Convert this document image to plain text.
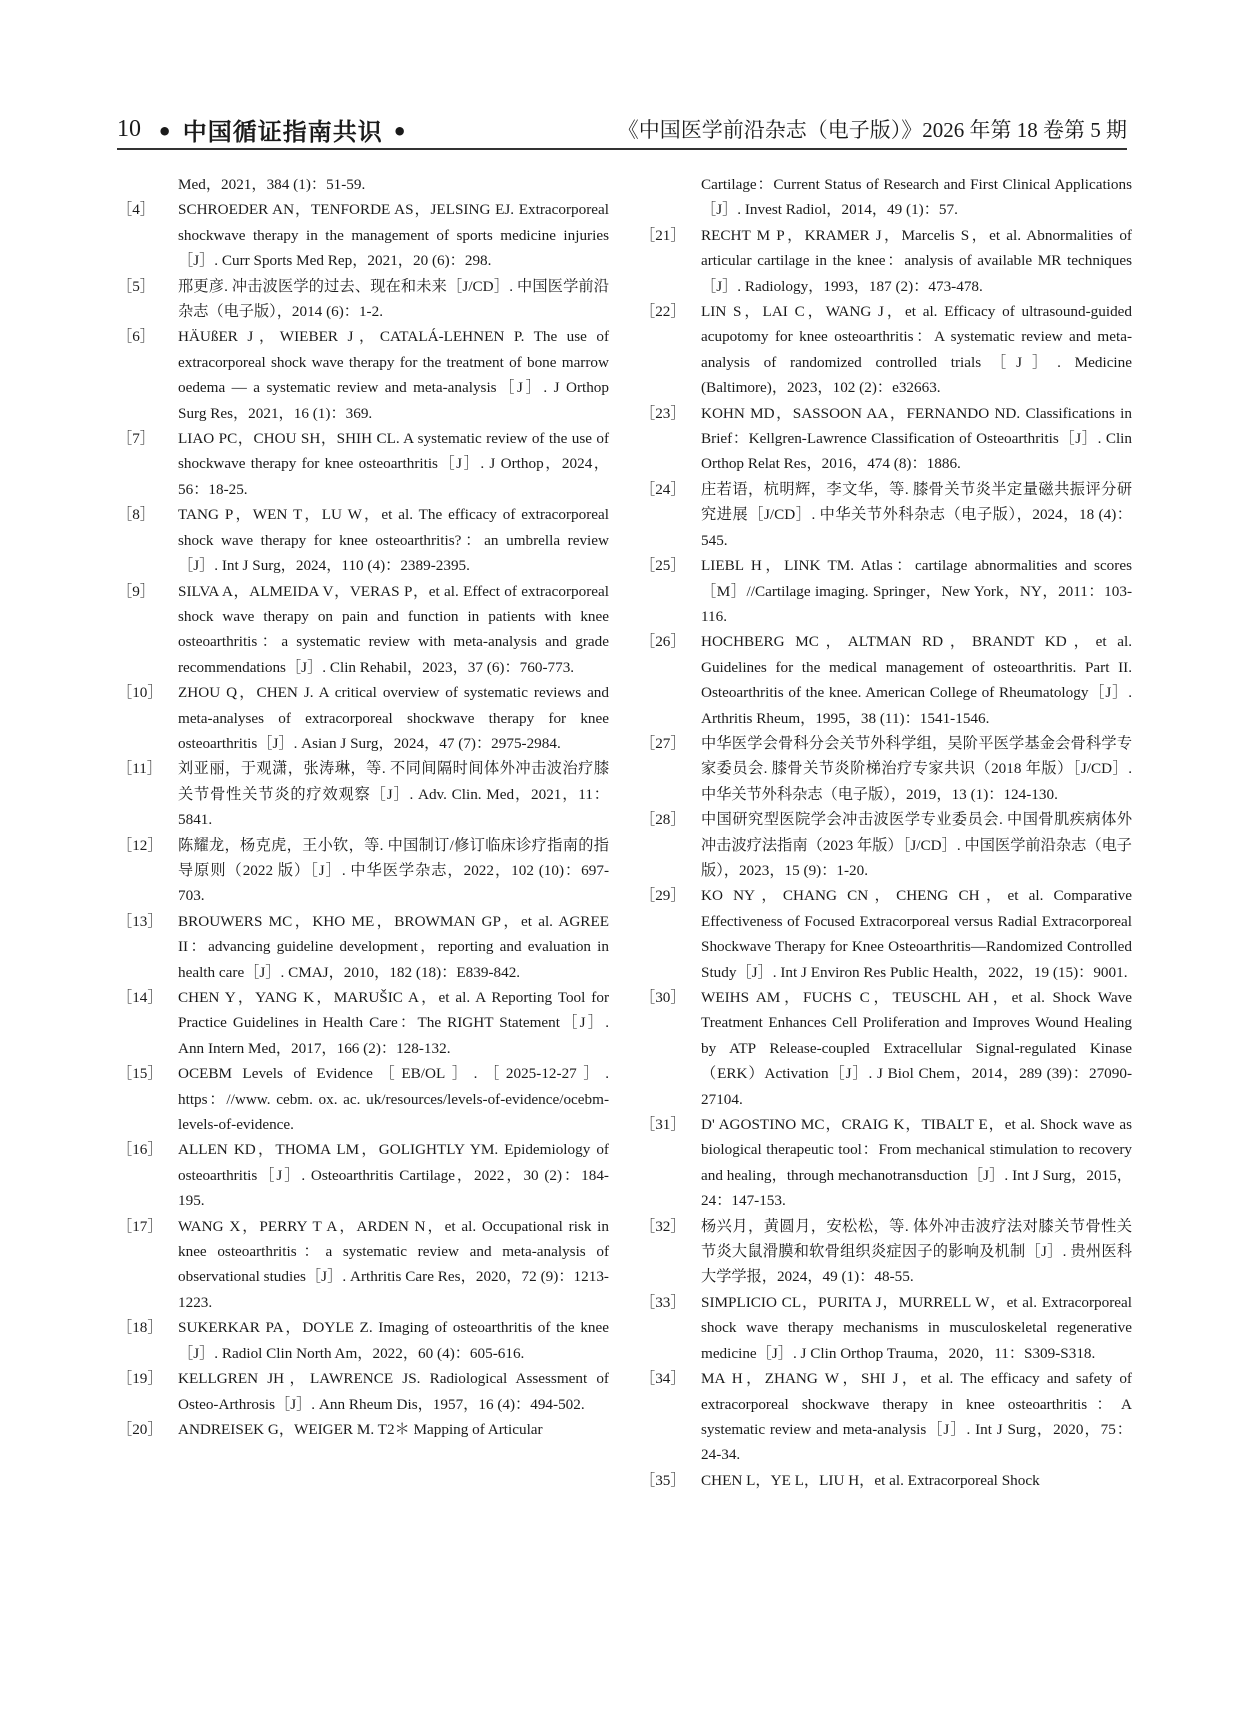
10 • 中国循证指南共识 •	《中国医学前沿杂志（电子版）》2026 年第 18 卷第 5 期
Med，2021，384 (1)：51-59.
［4］ SCHROEDER AN，TENFORDE AS，JELSING EJ. Extracorporeal shockwave therapy in the management of sports medicine injuries ［J］. Curr Sports Med Rep，2021，20 (6)：298.
［5］ 邢更彦. 冲击波医学的过去、现在和未来［J/CD］. 中国医学前沿杂志（电子版），2014 (6)：1-2.
［6］ HÄUßER J，WIEBER J，CATALÁ-LEHNEN P. The use of extracorporeal shock wave therapy for the treatment of bone marrow oedema — a systematic review and meta-analysis［J］. J Orthop Surg Res，2021，16 (1)：369.
［7］ LIAO PC，CHOU SH，SHIH CL. A systematic review of the use of shockwave therapy for knee osteoarthritis［J］. J Orthop，2024，56：18-25.
［8］ TANG P，WEN T，LU W，et al. The efficacy of extracorporeal shock wave therapy for knee osteoarthritis?：an umbrella review［J］. Int J Surg，2024，110 (4)：2389-2395.
［9］ SILVA A，ALMEIDA V，VERAS P，et al. Effect of extracorporeal shock wave therapy on pain and function in patients with knee osteoarthritis：a systematic review with meta-analysis and grade recommendations［J］. Clin Rehabil，2023，37 (6)：760-773.
［10］ ZHOU Q，CHEN J. A critical overview of systematic reviews and meta-analyses of extracorporeal shockwave therapy for knee osteoarthritis［J］. Asian J Surg，2024，47 (7)：2975-2984.
［11］ 刘亚丽，于观潇，张涛琳，等. 不同间隔时间体外冲击波治疗膝关节骨性关节炎的疗效观察［J］. Adv. Clin. Med，2021，11：5841.
［12］ 陈耀龙，杨克虎，王小钦，等. 中国制订/修订临床诊疗指南的指导原则（2022 版）［J］. 中华医学杂志，2022，102 (10)：697-703.
［13］ BROUWERS MC，KHO ME，BROWMAN GP，et al. AGREE II：advancing guideline development，reporting and evaluation in health care［J］. CMAJ，2010，182 (18)：E839-842.
［14］ CHEN Y，YANG K，MARUŠIC A，et al. A Reporting Tool for Practice Guidelines in Health Care：The RIGHT Statement［J］. Ann Intern Med，2017，166 (2)：128-132.
［15］ OCEBM Levels of Evidence［EB/OL］.［2025-12-27］. https：//www. cebm. ox. ac. uk/resources/levels-of-evidence/ocebm-levels-of-evidence.
［16］ ALLEN KD，THOMA LM，GOLIGHTLY YM. Epidemiology of osteoarthritis［J］. Osteoarthritis Cartilage，2022，30 (2)：184-195.
［17］ WANG X，PERRY T A，ARDEN N，et al. Occupational risk in knee osteoarthritis：a systematic review and meta-analysis of observational studies［J］. Arthritis Care Res，2020，72 (9)：1213-1223.
［18］ SUKERKAR PA，DOYLE Z. Imaging of osteoarthritis of the knee［J］. Radiol Clin North Am，2022，60 (4)：605-616.
［19］ KELLGREN JH，LAWRENCE JS. Radiological Assessment of Osteo-Arthrosis［J］. Ann Rheum Dis，1957，16 (4)：494-502.
［20］ ANDREISEK G，WEIGER M. T2＊ Mapping of Articular
Cartilage：Current Status of Research and First Clinical Applications［J］. Invest Radiol，2014，49 (1)：57.
［21］ RECHT M P，KRAMER J，Marcelis S，et al. Abnormalities of articular cartilage in the knee：analysis of available MR techniques［J］. Radiology，1993，187 (2)：473-478.
［22］ LIN S，LAI C，WANG J，et al. Efficacy of ultrasound-guided acupotomy for knee osteoarthritis：A systematic review and meta-analysis of randomized controlled trials［J］. Medicine (Baltimore)，2023，102 (2)：e32663.
［23］ KOHN MD，SASSOON AA，FERNANDO ND. Classifications in Brief：Kellgren-Lawrence Classification of Osteoarthritis［J］. Clin Orthop Relat Res，2016，474 (8)：1886.
［24］ 庄若语，杭明辉，李文华，等. 膝骨关节炎半定量磁共振评分研究进展［J/CD］. 中华关节外科杂志（电子版），2024，18 (4)：545.
［25］ LIEBL H，LINK TM. Atlas：cartilage abnormalities and scores［M］//Cartilage imaging. Springer，New York，NY，2011：103-116.
［26］ HOCHBERG MC，ALTMAN RD，BRANDT KD，et al. Guidelines for the medical management of osteoarthritis. Part II. Osteoarthritis of the knee. American College of Rheumatology［J］. Arthritis Rheum，1995，38 (11)：1541-1546.
［27］ 中华医学会骨科分会关节外科学组，吴阶平医学基金会骨科学专家委员会. 膝骨关节炎阶梯治疗专家共识（2018 年版）［J/CD］. 中华关节外科杂志（电子版），2019，13 (1)：124-130.
［28］ 中国研究型医院学会冲击波医学专业委员会. 中国骨肌疾病体外冲击波疗法指南（2023 年版）［J/CD］. 中国医学前沿杂志（电子版），2023，15 (9)：1-20.
［29］ KO NY，CHANG CN，CHENG CH，et al. Comparative Effectiveness of Focused Extracorporeal versus Radial Extracorporeal Shockwave Therapy for Knee Osteoarthritis—Randomized Controlled Study［J］. Int J Environ Res Public Health，2022，19 (15)：9001.
［30］ WEIHS AM，FUCHS C，TEUSCHL AH，et al. Shock Wave Treatment Enhances Cell Proliferation and Improves Wound Healing by ATP Release-coupled Extracellular Signal-regulated Kinase（ERK）Activation［J］. J Biol Chem，2014，289 (39)：27090-27104.
［31］ D' AGOSTINO MC，CRAIG K，TIBALT E，et al. Shock wave as biological therapeutic tool：From mechanical stimulation to recovery and healing，through mechanotransduction［J］. Int J Surg，2015，24：147-153.
［32］ 杨兴月，黄圆月，安松松，等. 体外冲击波疗法对膝关节骨性关节炎大鼠滑膜和软骨组织炎症因子的影响及机制［J］. 贵州医科大学学报，2024，49 (1)：48-55.
［33］ SIMPLICIO CL，PURITA J，MURRELL W，et al. Extracorporeal shock wave therapy mechanisms in musculoskeletal regenerative medicine［J］. J Clin Orthop Trauma，2020，11：S309-S318.
［34］ MA H，ZHANG W，SHI J，et al. The efficacy and safety of extracorporeal shockwave therapy in knee osteoarthritis：A systematic review and meta-analysis［J］. Int J Surg，2020，75：24-34.
［35］ CHEN L，YE L，LIU H，et al. Extracorporeal Shock
